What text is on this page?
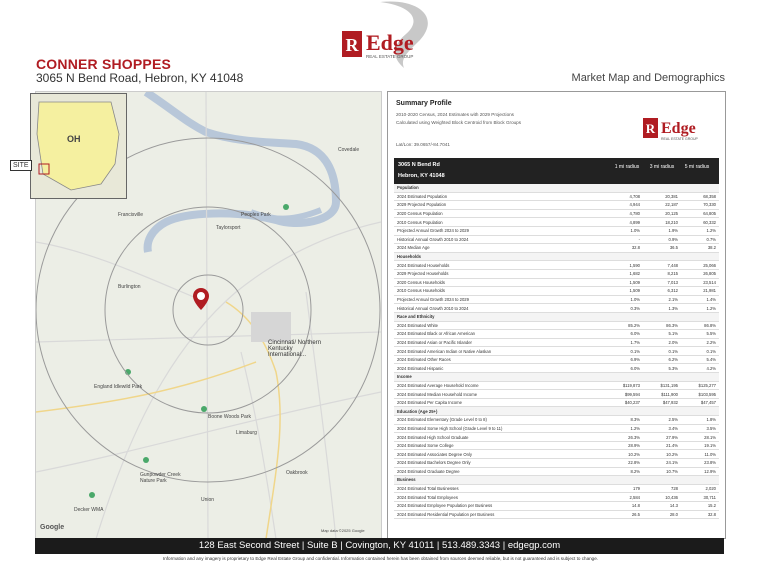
R Edge
REAL ESTATE GROUP
CONNER SHOPPES
3065 N Bend Road, Hebron, KY 41048	Market Map and Demographics
Covedale
Francisville
Taylorsport
Burlington
Cincinnati/ Northern Kentucky International...
England Idlewild Park
Boone Woods Park
Limaburg
Gunpowder Creek Nature Park
Union
Oakbrook
Decker WMA
Peoples Park
Google	Map data ©2025 Google
OH
SITE
Summary Profile
2010-2020 Census, 2024 Estimates with 2029 Projections
Calculated using Weighted Block Centroid from Block Groups
Lat/Lon: 39.0657/-84.7041
R Edge
REAL ESTATE GROUP
3065 N Bend Rd
Hebron, KY 41048
1 mi radius	3 mi radius	5 mi radius
Population
2024 Estimated Population	4,708	20,381	68,358
2029 Projected Population	4,944	22,187	70,330
2020 Census Population	4,780	20,125	64,805
2010 Census Population	4,899	18,210	60,332
Projected Annual Growth 2024 to 2029	1.0%	1.9%	1.2%
Historical Annual Growth 2010 to 2024	-	0.9%	0.7%
2024 Median Age	32.8	36.5	38.2
Households
2024 Estimated Households	1,590	7,448	25,066
2029 Projected Households	1,682	8,215	26,805
2020 Census Households	1,509	7,013	23,514
2010 Census Households	1,509	6,312	21,981
Projected Annual Growth 2024 to 2029	1.0%	2.1%	1.4%
Historical Annual Growth 2010 to 2024	0.3%	1.3%	1.2%
Race and Ethnicity
2024 Estimated White	85.2%	86.3%	86.8%
2024 Estimated Black or African American	6.0%	5.1%	5.5%
2024 Estimated Asian or Pacific Islander	1.7%	2.0%	2.2%
2024 Estimated American Indian or Native Alaskan	0.1%	0.1%	0.1%
2024 Estimated Other Races	6.9%	6.2%	5.4%
2024 Estimated Hispanic	6.0%	5.3%	4.2%
Income
2024 Estimated Average Household Income	$119,873	$131,195	$125,277
2024 Estimated Median Household Income	$99,594	$111,900	$103,595
2024 Estimated Per Capita Income	$40,237	$47,932	$47,457
Education (Age 25+)
2024 Estimated Elementary (Grade Level 0 to 8)	8.3%	2.5%	1.8%
2024 Estimated Some High School (Grade Level 9 to 11)	1.2%	3.4%	3.5%
2024 Estimated High School Graduate	26.3%	27.9%	28.1%
2024 Estimated Some College	28.9%	21.4%	19.1%
2024 Estimated Associates Degree Only	10.2%	10.2%	11.0%
2024 Estimated Bachelors Degree Only	22.8%	24.1%	23.8%
2024 Estimated Graduate Degree	8.2%	10.7%	12.9%
Business
2024 Estimated Total Businesses	179	728	2,020
2024 Estimated Total Employees	2,584	10,436	30,711
2024 Estimated Employee Population per Business	14.8	14.3	15.2
2024 Estimated Residential Population per Business	26.5	28.0	32.8
128 East Second Street | Suite B | Covington, KY 41011 | 513.489.3343 | edgegp.com
Information and any imagery is proprietary to Edge Real Estate Group and confidential. Information contained herein has been obtained from sources deemed reliable, but is not guaranteed and is subject to change.
